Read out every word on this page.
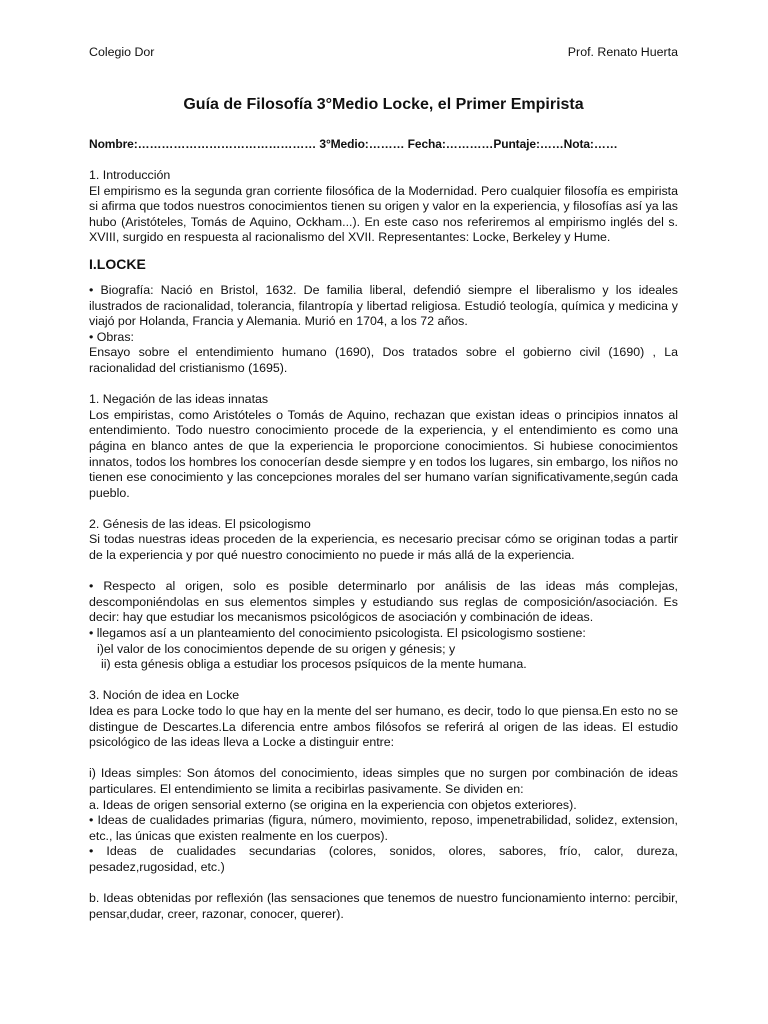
Colegio Dor	Prof. Renato Huerta
Guía de Filosofía 3°Medio Locke, el Primer Empirista
Nombre:……………………………………… 3°Medio:……… Fecha:…………Puntaje:……Nota:……

1. Introducción

El empirismo es la segunda gran corriente filosófica de la Modernidad. Pero cualquier filosofía es empirista si afirma que todos nuestros conocimientos tienen su origen y valor en la experiencia, y filosofías así ya las hubo (Aristóteles, Tomás de Aquino, Ockham...). En este caso nos referiremos al empirismo inglés del s. XVIII, surgido en respuesta al racionalismo del XVII. Representantes: Locke, Berkeley y Hume.

I.LOCKE

• Biografía: Nació en Bristol, 1632. De familia liberal, defendió siempre el liberalismo y los ideales ilustrados de racionalidad, tolerancia, filantropía y libertad religiosa. Estudió teología, química y medicina y viajó por Holanda, Francia y Alemania. Murió en 1704, a los 72 años.

• Obras:

Ensayo sobre el entendimiento humano (1690), Dos tratados sobre el gobierno civil (1690) , La racionalidad del cristianismo (1695).

1. Negación de las ideas innatas

Los empiristas, como Aristóteles o Tomás de Aquino, rechazan que existan ideas o principios innatos al entendimiento. Todo nuestro conocimiento procede de la experiencia, y el entendimiento es como una página en blanco antes de que la experiencia le proporcione conocimientos. Si hubiese conocimientos innatos, todos los hombres los conocerían desde siempre y en todos los lugares, sin embargo, los niños no tienen ese conocimiento y las concepciones morales del ser humano varían significativamente,según cada pueblo.

2. Génesis de las ideas. El psicologismo

Si todas nuestras ideas proceden de la experiencia, es necesario precisar cómo se originan todas a partir de la experiencia y por qué nuestro conocimiento no puede ir más allá de la experiencia.

• Respecto al origen, solo es posible determinarlo por análisis de las ideas más complejas, descomponiéndolas en sus elementos simples y estudiando sus reglas de composición/asociación. Es decir: hay que estudiar los mecanismos psicológicos de asociación y combinación de ideas.

• llegamos así a un planteamiento del conocimiento psicologista. El psicologismo sostiene:

i)el valor de los conocimientos depende de su origen y génesis; y

ii) esta génesis obliga a estudiar los procesos psíquicos de la mente humana.

3. Noción de idea en Locke

Idea es para Locke todo lo que hay en la mente del ser humano, es decir, todo lo que piensa.En esto no se distingue de Descartes.La diferencia entre ambos filósofos se referirá al origen de las ideas. El estudio psicológico de las ideas lleva a Locke a distinguir entre:

i) Ideas simples: Son átomos del conocimiento, ideas simples que no surgen por combinación de ideas particulares. El entendimiento se limita a recibirlas pasivamente. Se dividen en:

a. Ideas de origen sensorial externo (se origina en la experiencia con objetos exteriores).

• Ideas de cualidades primarias (figura, número, movimiento, reposo, impenetrabilidad, solidez, extension, etc., las únicas que existen realmente en los cuerpos).

• Ideas de cualidades secundarias (colores, sonidos, olores, sabores, frío, calor, dureza, pesadez,rugosidad, etc.)

b. Ideas obtenidas por reflexión (las sensaciones que tenemos de nuestro funcionamiento interno: percibir, pensar,dudar, creer, razonar, conocer, querer).
